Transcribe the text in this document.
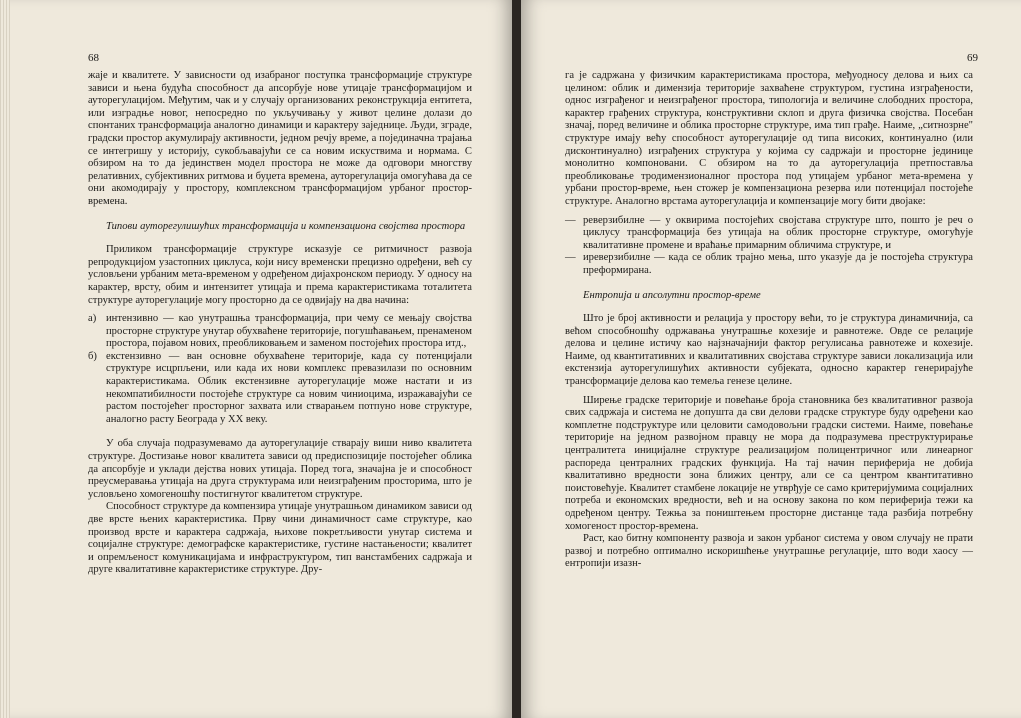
68

жаје и квалитете. У зависности од изабраног поступка трансформације структуре зависи и њена будућа способност да апсорбује нове утицаје трансформацијом и ауторегулацијом. Међутим, чак и у случају организованих реконструкција ентитета, или изградње новог, непосредно по укључивању у живот целине долази до спонтаних трансформација аналогно динамици и карактеру заједнице. Људи, зграде, градски простор акумулирају активности, једном речју време, а појединачна трајања се интегришу у историју, сукобљавајући се са новим искуствима и нормама. С обзиром на то да јединствен модел простора не може да одговори многству релативних, субјективних ритмова и буџета времена, ауторегулација омогућава да се они акомодирају у простору, комплексном трансформацијом урбаног простор-времена.

Типови ауторегулишућих трансформација и компензациона својства простора

Приликом трансформације структуре исказује се ритмичност развоја репродукцијом узастопних циклуса, који нису временски прецизно одређени, већ су условљени урбаним мета-временом у одређеном дијахронском периоду. У односу на карактер, врсту, обим и интензитет утицаја и према карактеристикама тоталитета структуре ауторегулације могу просторно да се одвијају на два начина:

а) интензивно — као унутрашња трансформација, при чему се мењају својства просторне структуре унутар обухваћене територије, погушћавањем, пренаменом простора, појавом нових, преобликовањем и заменом постојећих простора итд.,
б) екстензивно — ван основне обухваћене територије, када су потенцијали структуре исцрпљени, или када их нови комплекс превазилази по основним карактеристикама. Облик екстензивне ауторегулације може настати и из некомпатибилности постојеће структуре са новим чиниоцима, изражавајући се растом постојећег просторног захвата или стварањем потпуно нове структуре, аналогно расту Београда у XX веку.

У оба случаја подразумевамо да ауторегулације стварају виши ниво квалитета структуре. Достизање новог квалитета зависи од предиспозиције постојећег облика да апсорбује и уклади дејства нових утицаја. Поред тога, значајна је и способност преусмеравања утицаја на друга структурама или неизграђеним просторима, што је условљено хомогеношћу постигнутог квалитетом структуре.

Способност структуре да компензира утицаје унутрашњом динамиком зависи од две врсте њених карактеристика. Прву чини динамичност саме структуре, као производ врсте и карактера садржаја, њихове покретљивости унутар система и социјалне структуре: демографске карактеристике, густине настањености; квалитет и опремљеност комуникацијама и инфраструктуром, тип ванстамбених садржаја и друге квалитативне карактеристике структуре. Дру-

69

га је садржана у физичким карактеристикама простора, међуодносу делова и њих са целином: облик и димензија територије захваћене структуром, густина изграђености, однос изграђеног и неизграђеног простора, типологија и величине слободних простора, карактер грађених структура, конструктивни склоп и друга физичка својства. Посебан значај, поред величине и облика просторне структуре, има тип грађе. Наиме, „ситнозрне" структуре имају већу способност ауторегулације од типа високих, континуално (или дисконтинуално) изграђених структура у којима су садржаји и просторне јединице монолитно компоновани. С обзиром на то да ауторегулација претпоставља преобликовање тродимензионалног простора под утицајем урбаног мета-времена у урбани простор-време, њен стожер је компензациона резерва или потенцијал постојеће структуре. Аналогно врстама ауторегулација и компензације могу бити двојаке:

— реверзибилне — у оквирима постојећих својстава структуре што, пошто је реч о циклусу трансформација без утицаја на облик просторне структуре, омогућује квалитативне промене и враћање примарним обличима структуре, и
— иреверзибилне — када се облик трајно мења, што указује да је постојећа структура преформирана.
Ентропија и апсолутни простор-време

Што је број активности и релација у простору већи, то је структура динамичнија, са већом способношћу одржавања унутрашње кохезије и равнотеже. Овде се релације делова и целине истичу као најзначајнији фактор регулисања равнотеже и кохезије. Наиме, од квантитативних и квалитативних својстава структуре зависи локализација или екстензија ауторегулишућих активности субјеката, односно карактер генерирајуће трансформације делова као темеља генезе целине.

Ширење градске територије и повећање броја становника без квалитативног развоја свих садржаја и система не допушта да сви делови градске структуре буду одређени као комплетне подструктуре или целовити самодовољни градски системи. Наиме, повећање територије на једном развојном правцу не мора да подразумева преструктурирање централитета иницијалне структуре реализацијом полицентричног или линеарног распореда централних градских функција. На тај начин периферија не добија квалитативно вредности зона ближих центру, али се са центром квантитативно поистовећује. Квалитет стамбене локације не утврђује се само критеријумима социјалних потреба и економских вредности, већ и на основу закона по ком периферија тежи ка одређеном центру. Тежња за поништењем просторне дистанце тада разбија потребну хомогеност простор-времена.

Раст, као битну компоненту развоја и закон урбаног система у овом случају не прати развој и потребно оптимално искоришћење унутрашње регулације, што води хаосу — ентропији изазн-
